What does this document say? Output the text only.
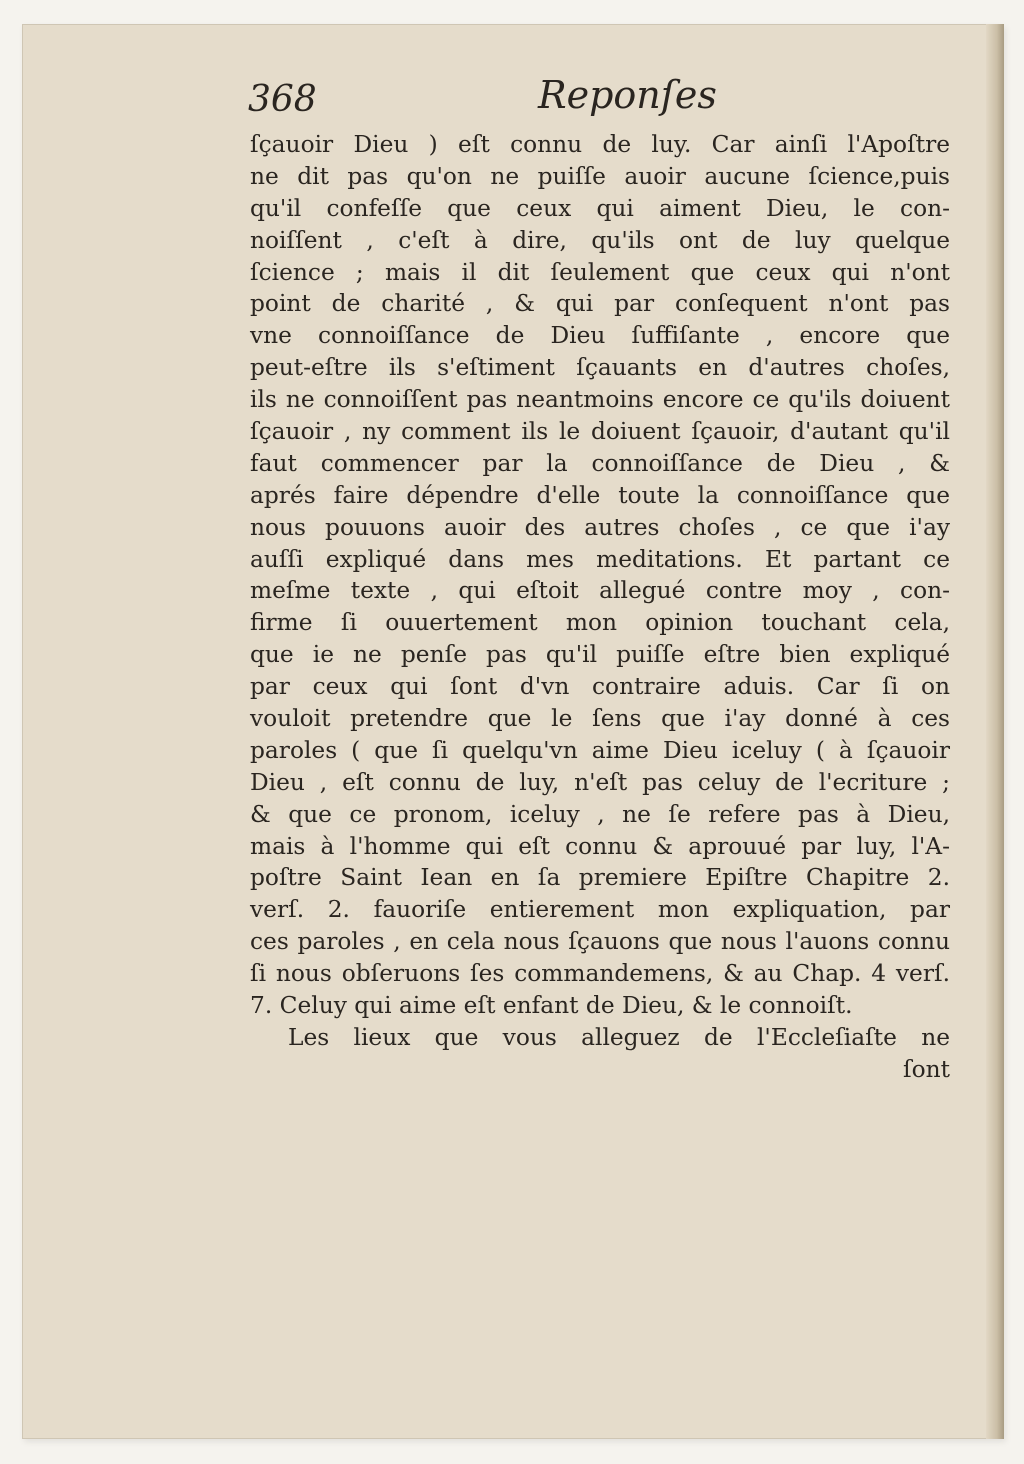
368	Reponſes
ſçauoir Dieu ) eſt connu de luy. Car ainſi l'Apoſtre
ne dit pas qu'on ne puiſſe auoir aucune ſcience,puis
qu'il confeſſe que ceux qui aiment Dieu, le con-
noiſſent , c'eſt à dire, qu'ils ont de luy quelque
ſcience ; mais il dit ſeulement que ceux qui n'ont
point de charité , & qui par conſequent n'ont pas
vne connoiſſance de Dieu ſuffiſante , encore que
peut-eſtre ils s'eſtiment ſçauants en d'autres choſes,
ils ne connoiſſent pas neantmoins encore ce qu'ils doiuent
ſçauoir , ny comment ils le doiuent ſçauoir, d'autant qu'il
faut commencer par la connoiſſance de Dieu , &
aprés faire dépendre d'elle toute la connoiſſance que
nous pouuons auoir des autres choſes , ce que i'ay
auſſi expliqué dans mes meditations. Et partant ce
meſme texte , qui eſtoit allegué contre moy , con-
firme ſi ouuertement mon opinion touchant cela,
que ie ne penſe pas qu'il puiſſe eſtre bien expliqué
par ceux qui ſont d'vn contraire aduis. Car ſi on
vouloit pretendre que le ſens que i'ay donné à ces
paroles ( que ſi quelqu'vn aime Dieu iceluy ( à ſçauoir
Dieu , eſt connu de luy, n'eſt pas celuy de l'ecriture ;
& que ce pronom, iceluy , ne ſe refere pas à Dieu,
mais à l'homme qui eſt connu & aprouué par luy, l'A-
poſtre Saint Iean en ſa premiere Epiſtre Chapitre 2.
verſ. 2. fauoriſe entierement mon expliquation, par
ces paroles , en cela nous ſçauons que nous l'auons connu
ſi nous obſeruons ſes commandemens, & au Chap. 4 verſ.
7. Celuy qui aime eſt enfant de Dieu, & le connoiſt.
Les lieux que vous alleguez de l'Eccleſiaſte ne
ſont
